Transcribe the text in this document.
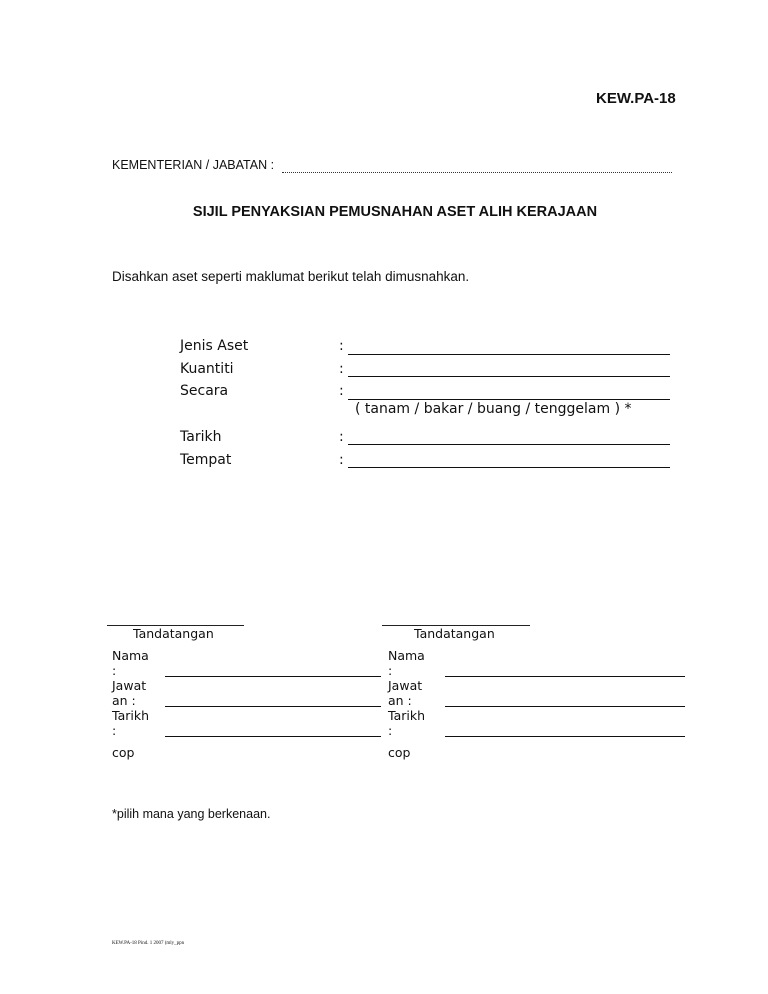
KEW.PA-18
KEMENTERIAN / JABATAN :
SIJIL PENYAKSIAN PEMUSNAHAN ASET ALIH KERAJAAN
Disahkan aset seperti maklumat berikut telah dimusnahkan.
Jenis Aset	:
Kuantiti	:
Secara	:
( tanam / bakar / buang / tenggelam ) *
Tarikh	:
Tempat	:
Tandatangan
Nama :
Jawatan :
Tarikh :
cop
Tandatangan
Nama :
Jawatan :
Tarikh :
cop
*pilih mana yang berkenaan.
KEW.PA-18 Pind. 1 2007 (mly_ppn
